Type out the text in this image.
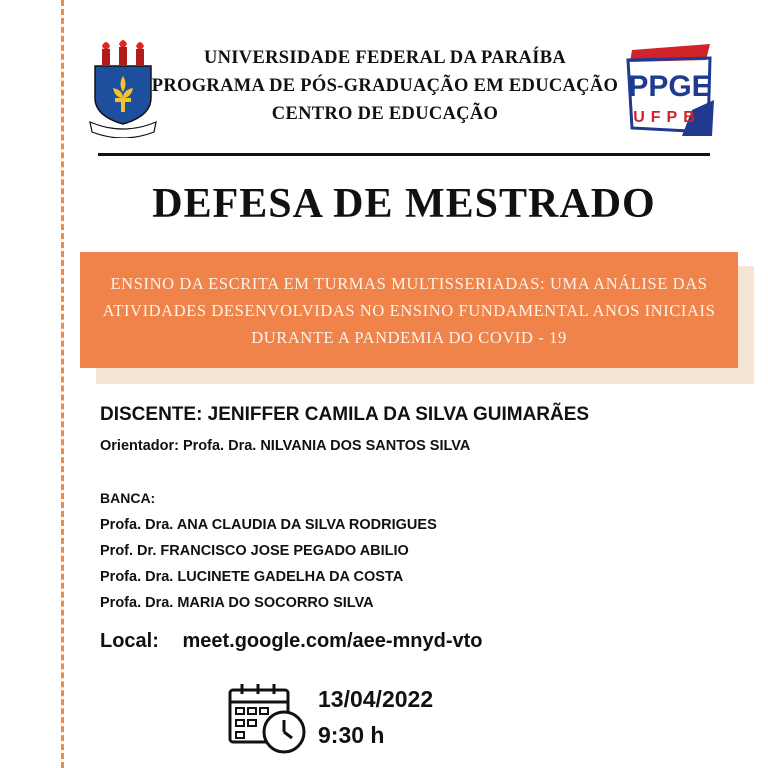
UNIVERSIDADE FEDERAL DA PARAÍBA
PROGRAMA DE PÓS-GRADUAÇÃO EM EDUCAÇÃO
CENTRO DE EDUCAÇÃO
PPGE
UFPB
DEFESA DE MESTRADO

ENSINO DA ESCRITA EM TURMAS MULTISSERIADAS: UMA ANÁLISE DAS ATIVIDADES DESENVOLVIDAS NO ENSINO FUNDAMENTAL ANOS INICIAIS DURANTE A PANDEMIA DO COVID - 19

DISCENTE: JENIFFER CAMILA DA SILVA GUIMARÃES
Orientador: Profa. Dra. NILVANIA DOS SANTOS SILVA
BANCA:
Profa. Dra. ANA CLAUDIA DA SILVA RODRIGUES
Prof. Dr. FRANCISCO JOSE PEGADO ABILIO
Profa. Dra. LUCINETE GADELHA DA COSTA
Profa. Dra. MARIA DO SOCORRO SILVA
Local: meet.google.com/aee-mnyd-vto
13/04/2022
9:30 h
